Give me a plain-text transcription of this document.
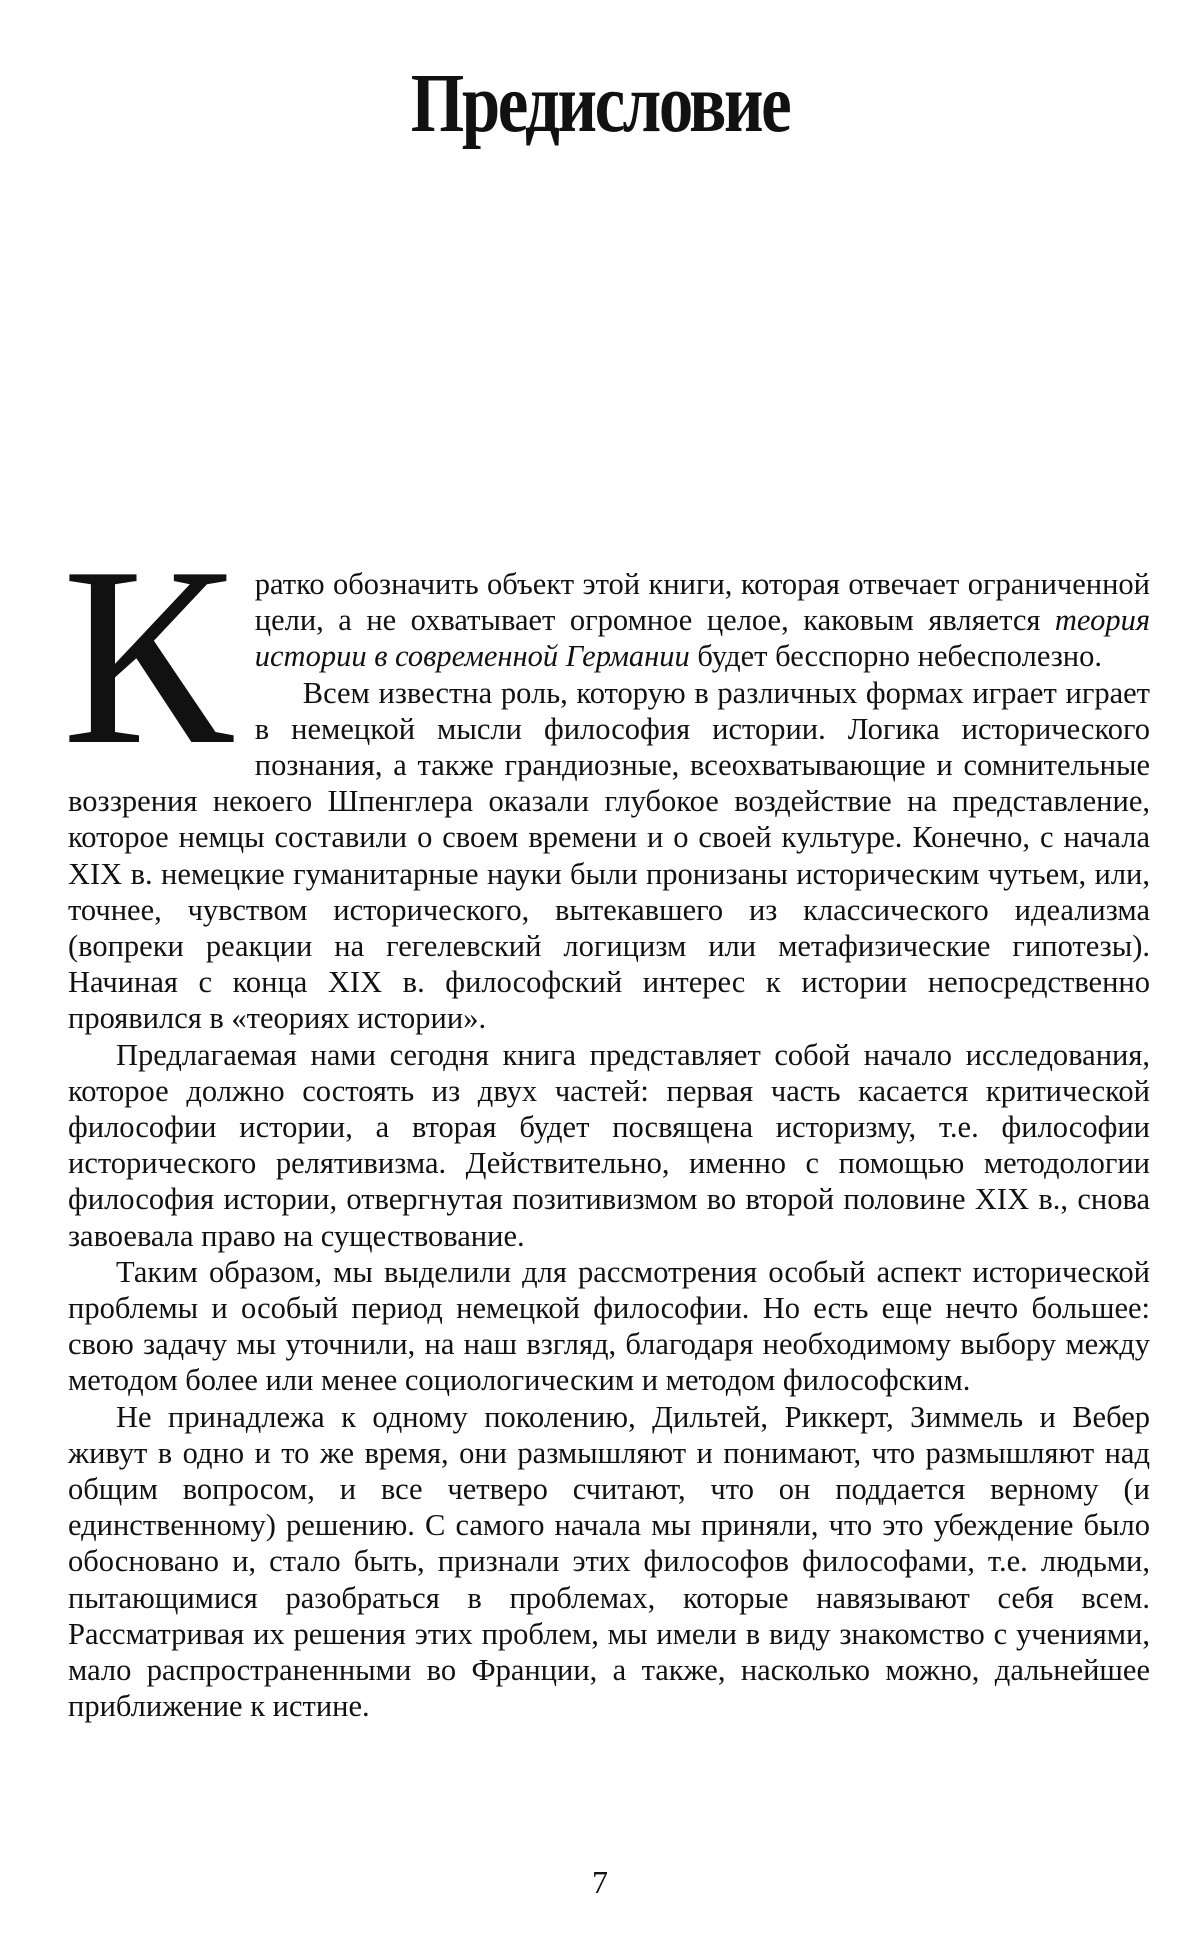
Предисловие

Кратко обозначить объект этой книги, которая отвечает ограниченной цели, а не охватывает огромное целое, каковым является теория истории в современной Германии будет бесспорно небесполезно.

Всем известна роль, которую в различных формах играет играет в немецкой мысли философия истории. Логика исторического познания, а также грандиозные, всеохватывающие и сомнительные воззрения некоего Шпенглера оказали глубокое воздействие на представление, которое немцы составили о своем времени и о своей культуре. Конечно, с начала XIX в. немецкие гуманитарные науки были пронизаны историческим чутьем, или, точнее, чувством исторического, вытекавшего из классического идеализма (вопреки реакции на гегелевский логицизм или метафизические гипотезы). Начиная с конца XIX в. философский интерес к истории непосредственно проявился в «теориях истории».

Предлагаемая нами сегодня книга представляет собой начало исследования, которое должно состоять из двух частей: первая часть касается критической философии истории, а вторая будет посвящена историзму, т.е. философии исторического релятивизма. Действительно, именно с помощью методологии философия истории, отвергнутая позитивизмом во второй половине XIX в., снова завоевала право на существование.

Таким образом, мы выделили для рассмотрения особый аспект исторической проблемы и особый период немецкой философии. Но есть еще нечто большее: свою задачу мы уточнили, на наш взгляд, благодаря необходимому выбору между методом более или менее социологическим и методом философским.

Не принадлежа к одному поколению, Дильтей, Риккерт, Зиммель и Вебер живут в одно и то же время, они размышляют и понимают, что размышляют над общим вопросом, и все четверо считают, что он поддается верному (и единственному) решению. С самого начала мы приняли, что это убеждение было обосновано и, стало быть, признали этих философов философами, т.е. людьми, пытающимися разобраться в проблемах, которые навязывают себя всем. Рассматривая их решения этих проблем, мы имели в виду знакомство с учениями, мало распространенными во Франции, а также, насколько можно, дальнейшее приближение к истине.

7
